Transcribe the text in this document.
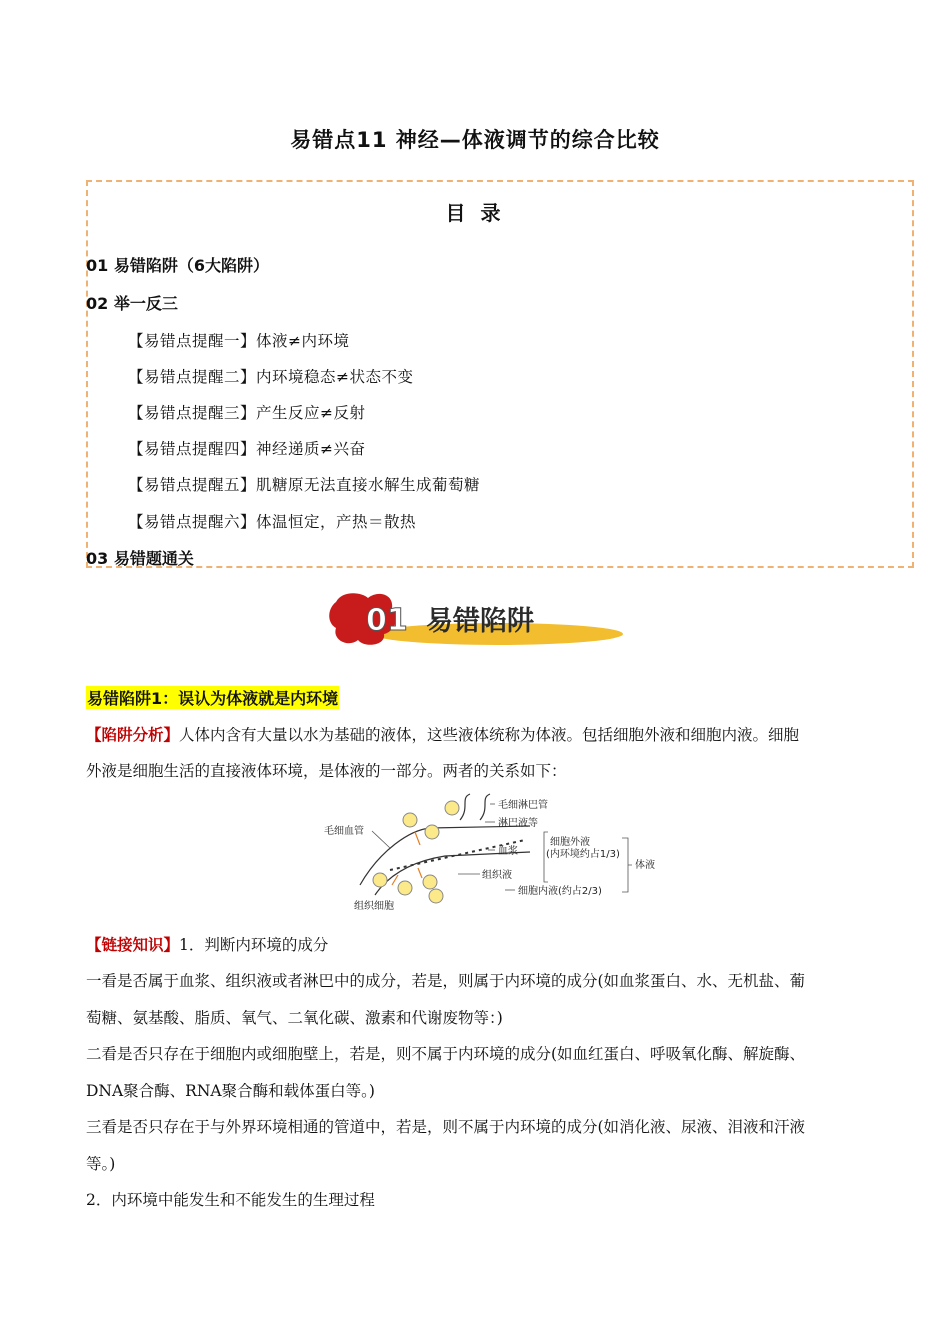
易错点11 神经—体液调节的综合比较
目 录
01 易错陷阱（6大陷阱）
02 举一反三
【易错点提醒一】体液≠内环境
【易错点提醒二】内环境稳态≠状态不变
【易错点提醒三】产生反应≠反射
【易错点提醒四】神经递质≠兴奋
【易错点提醒五】肌糖原无法直接水解生成葡萄糖
【易错点提醒六】体温恒定，产热＝散热
03 易错题通关
01 易错陷阱
易错陷阱1：误认为体液就是内环境
【陷阱分析】人体内含有大量以水为基础的液体，这些液体统称为体液。包括细胞外液和细胞内液。细胞
外液是细胞生活的直接液体环境，是体液的一部分。两者的关系如下：
毛细血管
毛细淋巴管
淋巴液等
血浆
组织液
组织细胞
细胞外液
(内环境约占1/3)
细胞内液(约占2/3)
体液
【链接知识】1．判断内环境的成分
一看是否属于血浆、组织液或者淋巴中的成分，若是，则属于内环境的成分(如血浆蛋白、水、无机盐、葡
萄糖、氨基酸、脂质、氧气、二氧化碳、激素和代谢废物等：)
二看是否只存在于细胞内或细胞壁上，若是，则不属于内环境的成分(如血红蛋白、呼吸氧化酶、解旋酶、
DNA聚合酶、RNA聚合酶和载体蛋白等。)
三看是否只存在于与外界环境相通的管道中，若是，则不属于内环境的成分(如消化液、尿液、泪液和汗液
等。)
2．内环境中能发生和不能发生的生理过程
